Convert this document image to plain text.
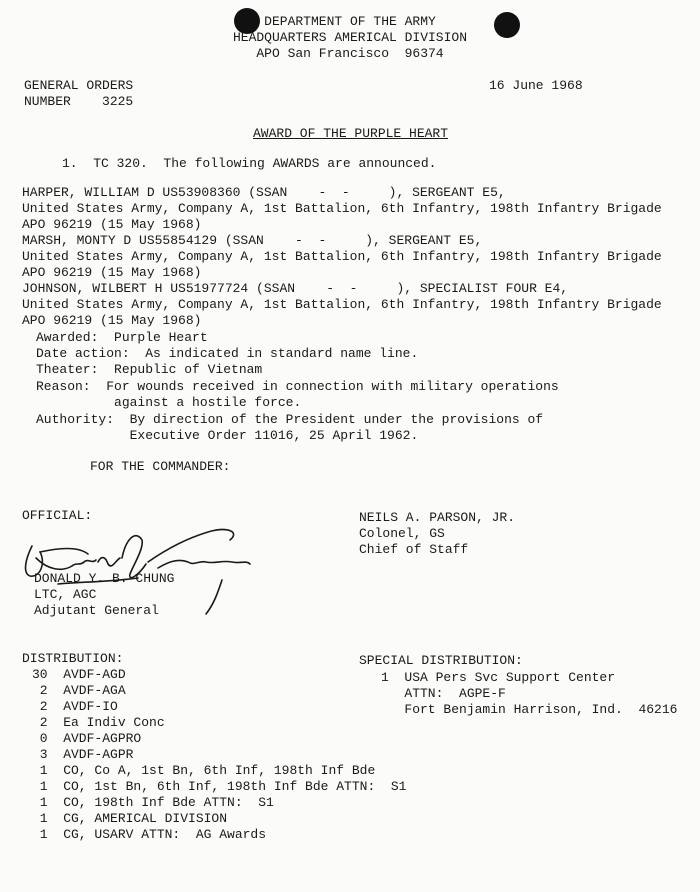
DEPARTMENT OF THE ARMY
HEADQUARTERS AMERICAL DIVISION
APO San Francisco  96374
GENERAL ORDERS
NUMBER    3225
16 June 1968
AWARD OF THE PURPLE HEART
1.  TC 320.  The following AWARDS are announced.
HARPER, WILLIAM D US53908360 (SSAN    -  -     ), SERGEANT E5,
United States Army, Company A, 1st Battalion, 6th Infantry, 198th Infantry Brigade
APO 96219 (15 May 1968)
MARSH, MONTY D US55854129 (SSAN    -  -     ), SERGEANT E5,
United States Army, Company A, 1st Battalion, 6th Infantry, 198th Infantry Brigade
APO 96219 (15 May 1968)
JOHNSON, WILBERT H US51977724 (SSAN    -  -     ), SPECIALIST FOUR E4,
United States Army, Company A, 1st Battalion, 6th Infantry, 198th Infantry Brigade
APO 96219 (15 May 1968)
Awarded:  Purple Heart
Date action:  As indicated in standard name line.
Theater:  Republic of Vietnam
Reason:  For wounds received in connection with military operations
against a hostile force.
Authority:  By direction of the President under the provisions of
Executive Order 11016, 25 April 1962.
FOR THE COMMANDER:
OFFICIAL:
DONALD Y. B. CHUNG
LTC, AGC
Adjutant General
NEILS A. PARSON, JR.
Colonel, GS
Chief of Staff
DISTRIBUTION:
30  AVDF-AGD
2  AVDF-AGA
2  AVDF-IO
2  Ea Indiv Conc
0  AVDF-AGPRO
3  AVDF-AGPR
1  CO, Co A, 1st Bn, 6th Inf, 198th Inf Bde
1  CO, 1st Bn, 6th Inf, 198th Inf Bde ATTN:  S1
1  CO, 198th Inf Bde ATTN:  S1
1  CG, AMERICAL DIVISION
1  CG, USARV ATTN:  AG Awards
SPECIAL DISTRIBUTION:
1  USA Pers Svc Support Center
ATTN:  AGPE-F
Fort Benjamin Harrison, Ind.  46216
